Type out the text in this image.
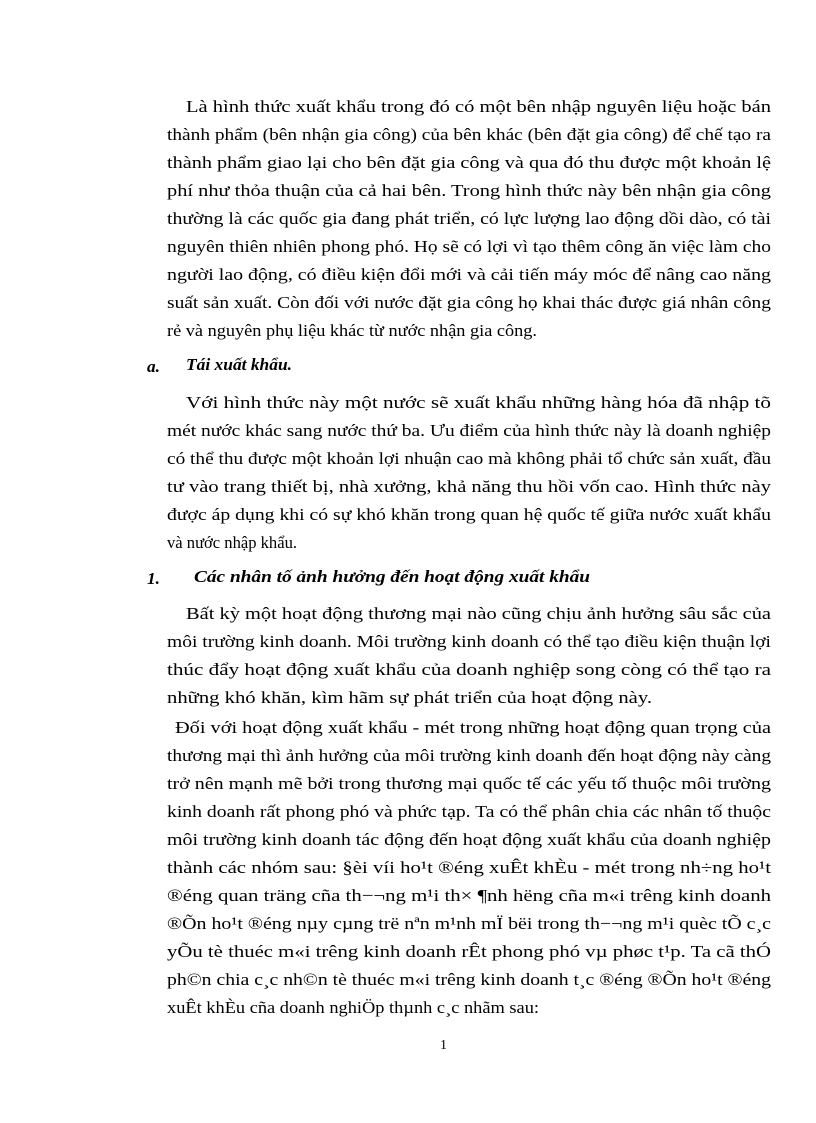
Là hình thức xuất khẩu trong đó có một bên nhập nguyên liệu hoặc bán
thành phẩm (bên nhận gia công) của bên khác (bên đặt gia công) để chế tạo ra
thành phẩm giao lại cho bên đặt gia công và qua đó thu được một khoản lệ
phí như thỏa thuận của cả hai bên. Trong hình thức này bên nhận gia công
thường là các quốc gia đang phát triển, có lực lượng lao động dồi dào, có tài
nguyên thiên nhiên phong phó. Họ sẽ có lợi vì tạo thêm công ăn việc làm cho
người lao động, có điều kiện đổi mới và cải tiến máy móc để nâng cao năng
suất sản xuất. Còn đối với nước đặt gia công họ khai thác được giá nhân công
rẻ và nguyên phụ liệu khác từ nước nhận gia công.
a. Tái xuất khẩu.
Với hình thức này một nước sẽ xuất khẩu những hàng hóa đã nhập tõ
mét nước khác sang nước thứ ba. Ưu điểm của hình thức này là doanh nghiệp
có thể thu được một khoản lợi nhuận cao mà không phải tổ chức sản xuất, đầu
tư vào trang thiết bị, nhà xưởng, khả năng thu hồi vốn cao. Hình thức này
được áp dụng khi có sự khó khăn trong quan hệ quốc tế giữa nước xuất khẩu
và nước nhập khẩu.
1. Các nhân tố ảnh hưởng đến hoạt động xuất khẩu
Bất kỳ một hoạt động thương mại nào cũng chịu ảnh hưởng sâu sắc của
môi trường kinh doanh. Môi trường kinh doanh có thể tạo điều kiện thuận lợi
thúc đẩy hoạt động xuất khẩu của doanh nghiệp song còng có thể tạo ra
những khó khăn, kìm hãm sự phát triển của hoạt động này.
Đối với hoạt động xuất khẩu - mét trong những hoạt động quan trọng của
thương mại thì ảnh hưởng của môi trường kinh doanh đến hoạt động này càng
trở nên mạnh mẽ bởi trong thương mại quốc tế các yếu tố thuộc môi trường
kinh doanh rất phong phó và phức tạp. Ta có thể phân chia các nhân tố thuộc
môi trường kinh doanh tác động đến hoạt động xuất khẩu của doanh nghiệp
thành các nhóm sau: §èi víi ho¹t ®éng xuÊt khÈu - mét trong nh÷ng ho¹t
®éng quan träng cña th−¬ng m¹i th× ¶nh hëng cña m«i trêng kinh doanh
®Õn ho¹t ®éng nµy cµng trë nªn m¹nh mÏ bëi trong th−¬ng m¹i quèc tÕ c¸c
yÕu tè thuéc m«i trêng kinh doanh rÊt phong phó vµ phøc t¹p. Ta cã thÓ
ph©n chia c¸c nh©n tè thuéc m«i trêng kinh doanh t¸c ®éng ®Õn ho¹t ®éng
xuÊt khÈu cña doanh nghiÖp thµnh c¸c nhãm sau:
1
